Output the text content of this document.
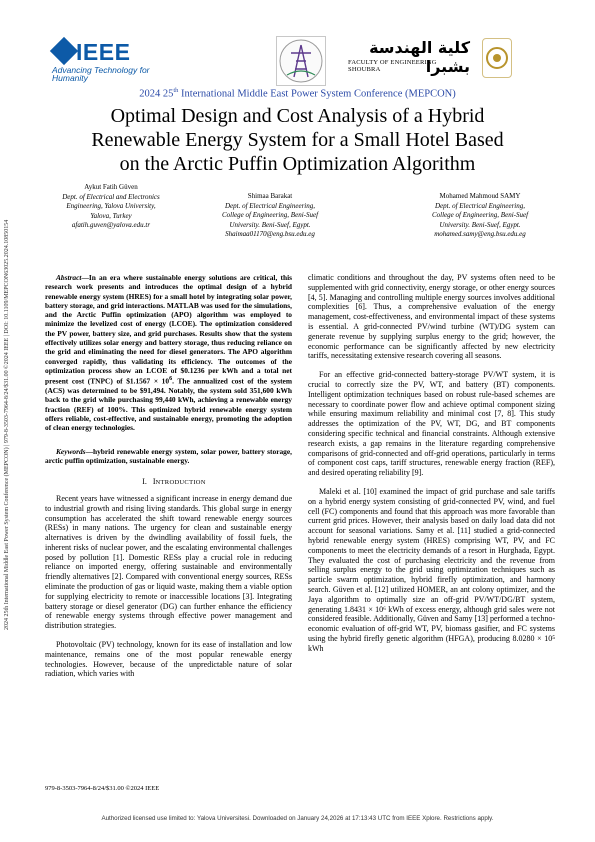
IEEE
Advancing Technology for Humanity
كلية الهندسة بشبرا
FACULTY OF ENGINEERING SHOUBRA
2024 25th International Middle East Power System Conference (MEPCON)
Optimal Design and Cost Analysis of a Hybrid
Renewable Energy System for a Small Hotel Based
on the Arctic Puffin Optimization Algorithm
2024 25th International Middle East Power System Conference (MEPCON) | 979-8-3503-7964-8/24/$31.00 ©2024 IEEE | DOI: 10.1109/MEPCON63025.2024.10850154
Aykut Fatih Güven
Dept. of Electrical and Electronics
Engineering, Yalova University,
Yalova, Turkey
afatih.guven@yalova.edu.tr
Shimaa Barakat
Dept. of Electrical Engineering,
College of Engineering, Beni-Suef
University. Beni-Suef, Egypt.
Shaimaa01170@eng.bsu.edu.eg
Mohamed Mahmoud SAMY
Dept. of Electrical Engineering,
College of Engineering, Beni-Suef
University. Beni-Suef, Egypt.
mohamed.samy@eng.bsu.edu.eg

Abstract—In an era where sustainable energy solutions are critical, this research work presents and introduces the optimal design of a hybrid renewable energy system (HRES) for a small hotel by integrating solar power, battery storage, and grid interactions. MATLAB was used for the simulations, and the Arctic Puffin optimization (APO) algorithm was employed to minimize the levelized cost of energy (LCOE). The optimization considered the PV power, battery size, and grid purchases. Results show that the system effectively utilizes solar energy and battery storage, thus reducing reliance on the grid and eliminating the need for diesel generators. The APO algorithm converged rapidly, thus validating its efficiency. The outcomes of the optimization process show an LCOE of $0.1236 per kWh and a total net present cost (TNPC) of $1.1567 × $10^6$. The annualized cost of the system (ACS) was determined to be $91,494. Notably, the system sold 351,600 kWh back to the grid while purchasing 99,440 kWh, achieving a renewable energy fraction (REF) of 100%. This optimized hybrid renewable energy system offers reliable, cost-effective, and sustainable energy, promoting the adoption of clean energy technologies.

Keywords—hybrid renewable energy system, solar power, battery storage, arctic puffin optimization, sustainable energy.

I. INTRODUCTION

Recent years have witnessed a significant increase in energy demand due to industrial growth and rising living standards. This global surge in energy consumption has accelerated the shift toward renewable energy sources (RESs) in many nations. The urgency for clean and sustainable energy alternatives is driven by the dwindling availability of fossil fuels, the inherent risks of nuclear power, and the escalating environmental challenges posed by pollution [1]. Domestic RESs play a crucial role in reducing reliance on imported energy, offering sustainable and environmentally friendly alternatives [2]. Compared with conventional energy sources, RESs eliminate the production of gas or liquid waste, making them a viable option for supplying electricity to remote or inaccessible locations [3]. Integrating battery storage or diesel generator (DG) can further enhance the efficiency of renewable energy systems through effective power management and distribution strategies.

Photovoltaic (PV) technology, known for its ease of installation and low maintenance, remains one of the most popular renewable energy technologies. However, because of the unpredictable nature of solar radiation, which varies with

climatic conditions and throughout the day, PV systems often need to be supplemented with grid connectivity, energy storage, or other energy sources [4, 5]. Managing and controlling multiple energy sources involves additional complexities [6]. Thus, a comprehensive evaluation of the energy management, cost-effectiveness, and environmental impact of these systems is essential. A grid-connected PV/wind turbine (WT)/DG system can generate revenue by supplying surplus energy to the grid; however, the economic performance can be significantly affected by new electricity tariffs, necessitating extensive research covering all seasons.

For an effective grid-connected battery-storage PV/WT system, it is crucial to correctly size the PV, WT, and battery (BT) components. Intelligent optimization techniques based on robust rule-based schemes are necessary to coordinate power flow and achieve optimal component sizing while ensuring maximum reliability and minimal cost [7, 8]. This study addresses the optimization of the PV, WT, DG, and BT components considering specific technical and financial constraints. Although extensive research exists, a gap remains in the literature regarding comprehensive comparisons of grid-connected and off-grid operations, particularly in terms of component cost caps, tariff structures, renewable energy fraction (REF), and desired operating reliability [9].

Maleki et al. [10] examined the impact of grid purchase and sale tariffs on a hybrid energy system consisting of grid-connected PV, wind, and fuel cell (FC) components and found that this approach was more favorable than current grid prices. However, their analysis based on daily load data did not account for seasonal variations. Samy et al. [11] studied a grid-connected hybrid renewable energy system (HRES) comprising WT, PV, and FC components to meet the electricity demands of a resort in Hurghada, Egypt. They evaluated the cost of purchasing electricity and the revenue from selling surplus energy to the grid using optimization techniques such as particle swarm optimization, hybrid firefly optimization, and harmony search. Güven et al. [12] utilized HOMER, an ant colony optimizer, and the Jaya algorithm to optimally size an off-grid PV/WT/DG/BT system, generating 1.8431 × 10⁶ kWh of excess energy, although grid sales were not considered feasible. Additionally, Güven and Samy [13] performed a techno-economic evaluation of off-grid WT, PV, biomass gasifier, and FC systems using the hybrid firefly genetic algorithm (HFGA), producing 8.0280 × 10⁵ kWh

979-8-3503-7964-8/24/$31.00 ©2024 IEEE
Authorized licensed use limited to: Yalova Universitesi. Downloaded on January 24,2026 at 17:13:43 UTC from IEEE Xplore. Restrictions apply.
